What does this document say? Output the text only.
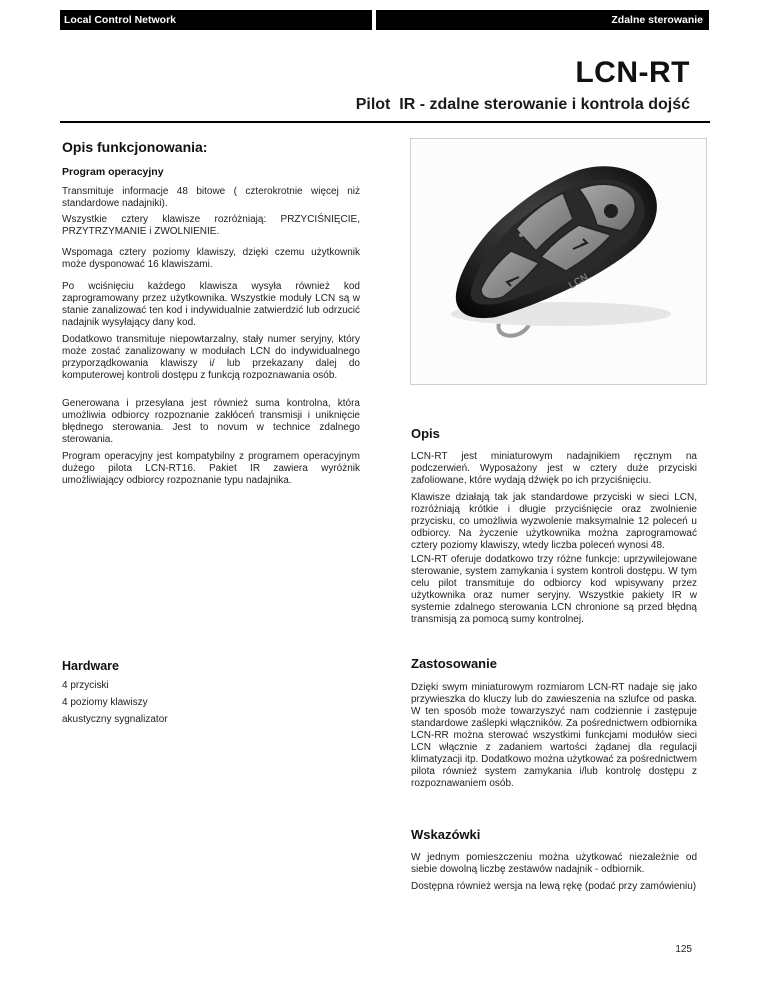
Local Control Network	Zdalne sterowanie
LCN-RT
Pilot  IR - zdalne sterowanie i kontrola dojść
Opis funkcjonowania:
Program operacyjny

Transmituje informacje 48 bitowe ( czterokrotnie więcej niż standardowe nadajniki).

Wszystkie cztery klawisze rozróżniają: PRZYCIŚNIĘCIE, PRZYTRZYMANIE i ZWOLNIENIE.

Wspomaga cztery poziomy klawiszy, dzięki czemu użytkownik może dysponować 16 klawiszami.

Po wciśnięciu każdego klawisza wysyła również kod zaprogramowany przez użytkownika. Wszystkie moduły LCN są w stanie zanalizować ten kod i indywidualnie zatwierdzić lub odrzucić nadajnik wysyłający dany kod.

Dodatkowo transmituje niepowtarzalny, stały numer seryjny, który może zostać zanalizowany w modułach LCN do indywidualnego przyporządkowania klawiszy i/ lub przekazany dalej do komputerowej kontroli dostępu z funkcją rozpoznawania osób.

Generowana i przesyłana jest również suma kontrolna, która umożliwia odbiorcy rozpoznanie zakłóceń transmisji i uniknięcie błędnego sterowania. Jest to novum w technice zdalnego sterowania.

Program operacyjny jest kompatybilny z programem operacyjnym dużego pilota LCN-RT16. Pakiet IR zawiera wyróżnik umożliwiający odbiorcy rozpoznanie typu nadajnika.

Hardware

4 przyciski

4 poziomy klawiszy

akustyczny sygnalizator

LCN
Opis

LCN-RT jest miniaturowym nadajnikiem ręcznym na podczerwień. Wyposażony jest w cztery duże przyciski zafoliowane, które wydają dźwięk po ich przyciśnięciu.

Klawisze działają tak jak standardowe przyciski w sieci LCN, rozróżniają krótkie i długie przyciśnięcie oraz zwolnienie przycisku, co umożliwia wyzwolenie maksymalnie 12 poleceń u odbiorcy. Na życzenie użytkownika można zaprogramować cztery poziomy klawiszy, wtedy liczba poleceń wynosi 48.

LCN-RT oferuje dodatkowo trzy różne funkcje: uprzywilejowane sterowanie, system zamykania i system kontroli dostępu. W tym celu pilot transmituje do odbiorcy kod wpisywany przez użytkownika oraz numer seryjny. Wszystkie pakiety IR w systemie zdalnego sterowania LCN chronione są przed błędną transmisją za pomocą sumy kontrolnej.

Zastosowanie

Dzięki swym miniaturowym rozmiarom LCN-RT nadaje się jako przywieszka do kluczy lub do zawieszenia na szlufce od paska. W ten sposób może towarzyszyć nam codziennie i zastępuje standardowe zaślepki włączników. Za pośrednictwem odbiornika LCN-RR można sterować wszystkimi funkcjami modułów sieci LCN włącznie z zadaniem wartości żądanej dla regulacji klimatyzacji itp. Dodatkowo można użytkować za pośrednictwem pilota również system zamykania i/lub kontrolę dostępu z rozpoznawaniem osób.

Wskazówki

W jednym pomieszczeniu można użytkować niezależnie od siebie dowolną liczbę zestawów nadajnik - odbiornik.

Dostępna również wersja na lewą rękę (podać przy zamówieniu)

125
